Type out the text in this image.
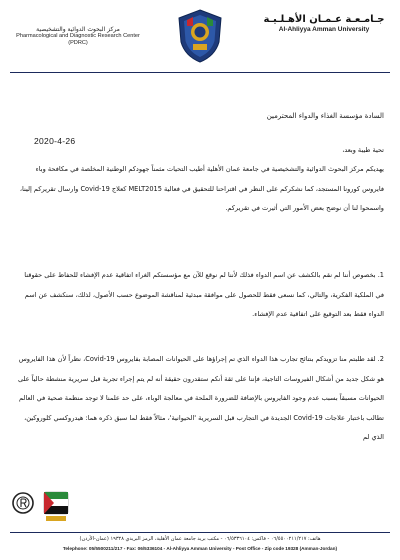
جـامـعـة عـمـان الأهـلـيـة
Al-Ahliyya Amman University
مركز البحوث الدوائية والتشخيصية
Pharmacological and Diagnostic Research Center
(PDRC)
السادة مؤسسة الغذاء والدواء المحترمين
2020-4-26
تحية طيبة وبعد،
يهديكم مركز البحوث الدوائية والتشخيصية في جامعة عمان الأهلية أطيب التحيات مثمناً جهودكم الوطنية المخلصة في مكافحة وباء فايروس كورونا المستجد، كما نشكركم على النظر في اقتراحنا للتحقيق في فعالية MELT2015 كعلاج Covid-19 وارسال تقريركم إلينا، واسمحوا لنا أن نوضح بعض الأمور التي أثيرت في تقريركم.
1. بخصوص أننا لم نقم بالكشف عن اسم الدواء فذلك لأننا لم نوقع للآن مع مؤسستكم الغراء اتفاقية عدم الإفشاء للحفاظ على حقوقنا في الملكية الفكرية، والتالي، كما نسعى فقط للحصول على موافقة مبدئية لمناقشة الموضوع حسب الأصول، لذلك، سنكشف عن اسم الدواء فقط بعد التوقيع على اتفاقية عدم الإفشاء.
2. لقد طلبتم منا تزويدكم بنتائج تجارب هذا الدواء الذي تم إجراؤها على الحيوانات المصابة بفايروس Covid-19، نظراً لأن هذا الفايروس هو شكل جديد من أشكال الفيروسات التاجية، فإننا على ثقة أنكم ستقدرون حقيقة أنه لم يتم إجراء تجربة قبل سريرية منشطة حالياً على الحيوانات مسبقاً بسبب عدم وجود الفايروس بالإضافة للضرورة الملحة في معالجة الوباء، على حد علمنا لا توجد منظمة صحية في العالم تطالب باختبار علاجات Covid-19 الجديدة في التجارب قبل السريرية 'الحيوانية'، مثالاً فقط لما سبق ذكره هما: هيدروكسي كلوروكين، الذي لم
هاتف: ٠٦/٥٥٠٠٢١١/٢١٧ - فاكس: ٠٦/٥٣٣٦١٠٤ - مكتب بريد جامعة عمان الأهلية، الرمز البريدي ١٩٣٢٨ (عمان-الأردن)
Telephone: 05/5500211/217 - Fax: 06/5336104 - Al-Ahliyya Amman University - Post Office - Zip code 19328 (Amman-Jordan)
